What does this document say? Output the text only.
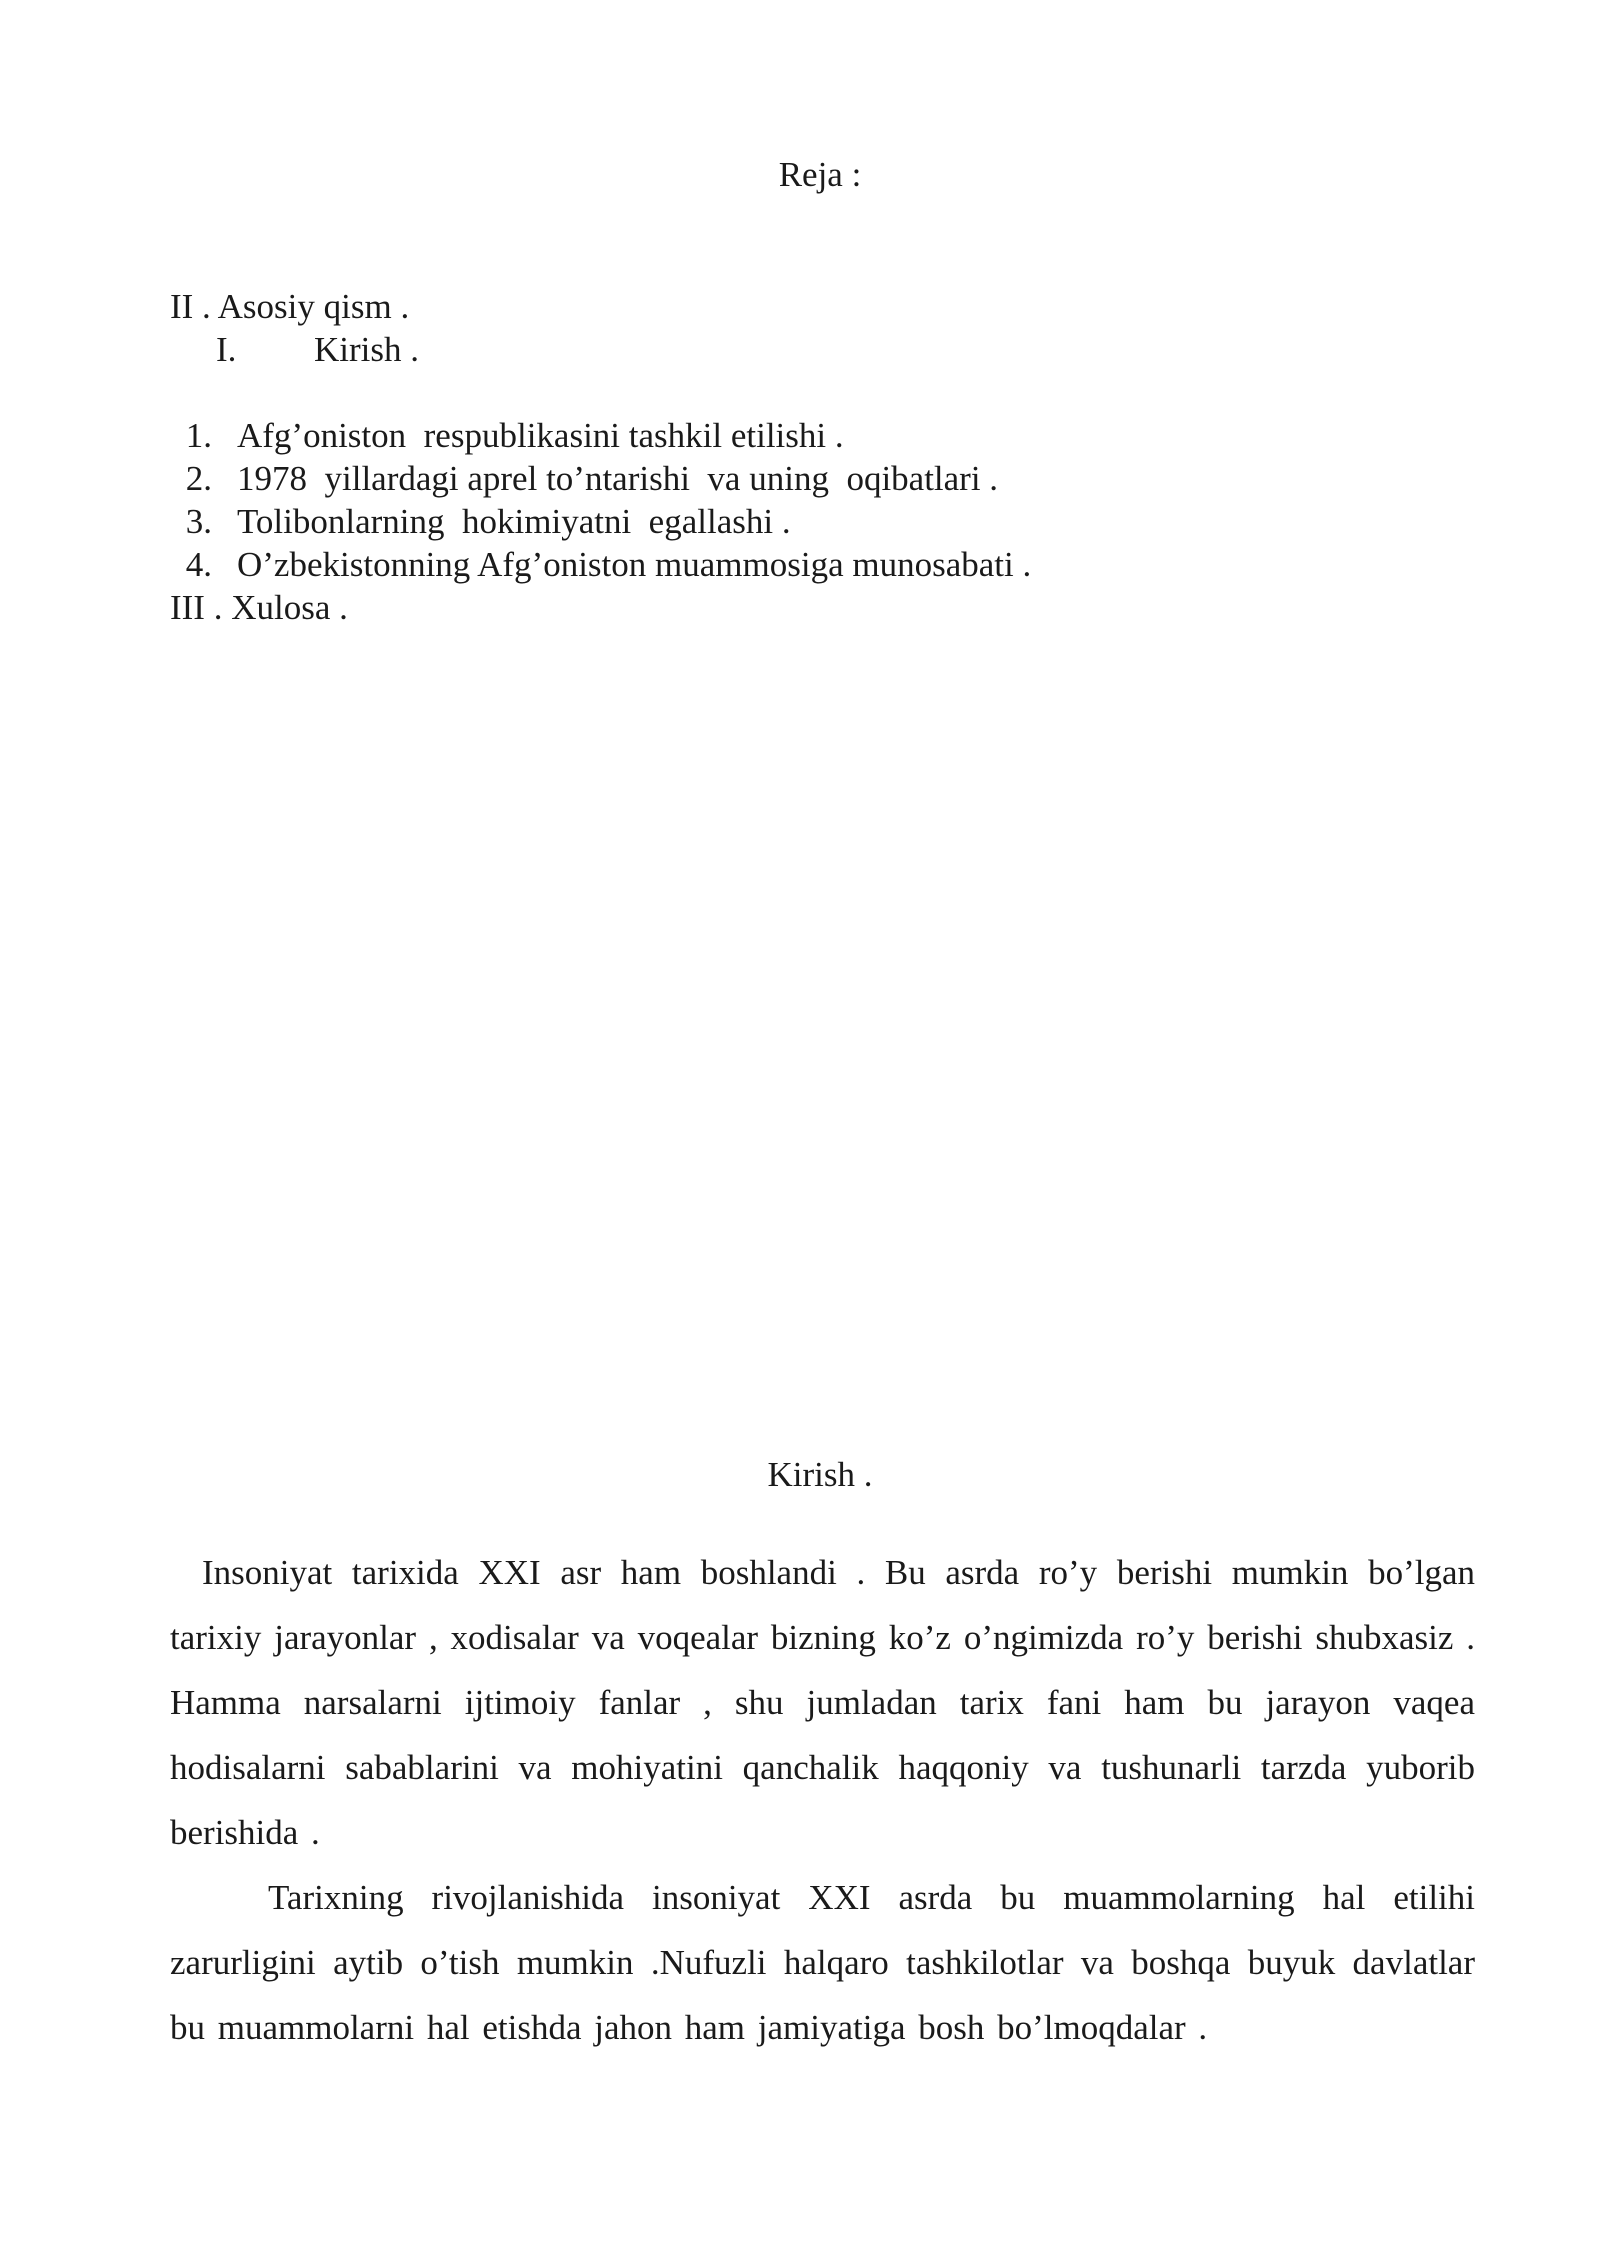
Reja :
II . Asosiy qism .
I. Kirish .
1. Afg’oniston  respublikasini tashkil etilishi .
2. 1978  yillardagi aprel to’ntarishi  va uning  oqibatlari .
3. Tolibonlarning  hokimiyatni  egallashi .
4. O’zbekistonning Afg’oniston muammosiga munosabati .
III . Xulosa .
Kirish .

Insoniyat tarixida XXI asr ham boshlandi . Bu asrda ro’y berishi mumkin bo’lgan tarixiy jarayonlar , xodisalar va voqealar bizning ko’z o’ngimizda ro’y berishi shubxasiz . Hamma narsalarni ijtimoiy fanlar , shu jumladan tarix fani ham bu jarayon vaqea hodisalarni sabablarini va mohiyatini qanchalik haqqoniy va tushunarli tarzda yuborib berishida .

Tarixning rivojlanishida insoniyat XXI asrda bu muammolarning hal etilihi zarurligini aytib o’tish mumkin .Nufuzli halqaro tashkilotlar va boshqa buyuk davlatlar bu muammolarni hal etishda jahon ham jamiyatiga bosh bo’lmoqdalar .
